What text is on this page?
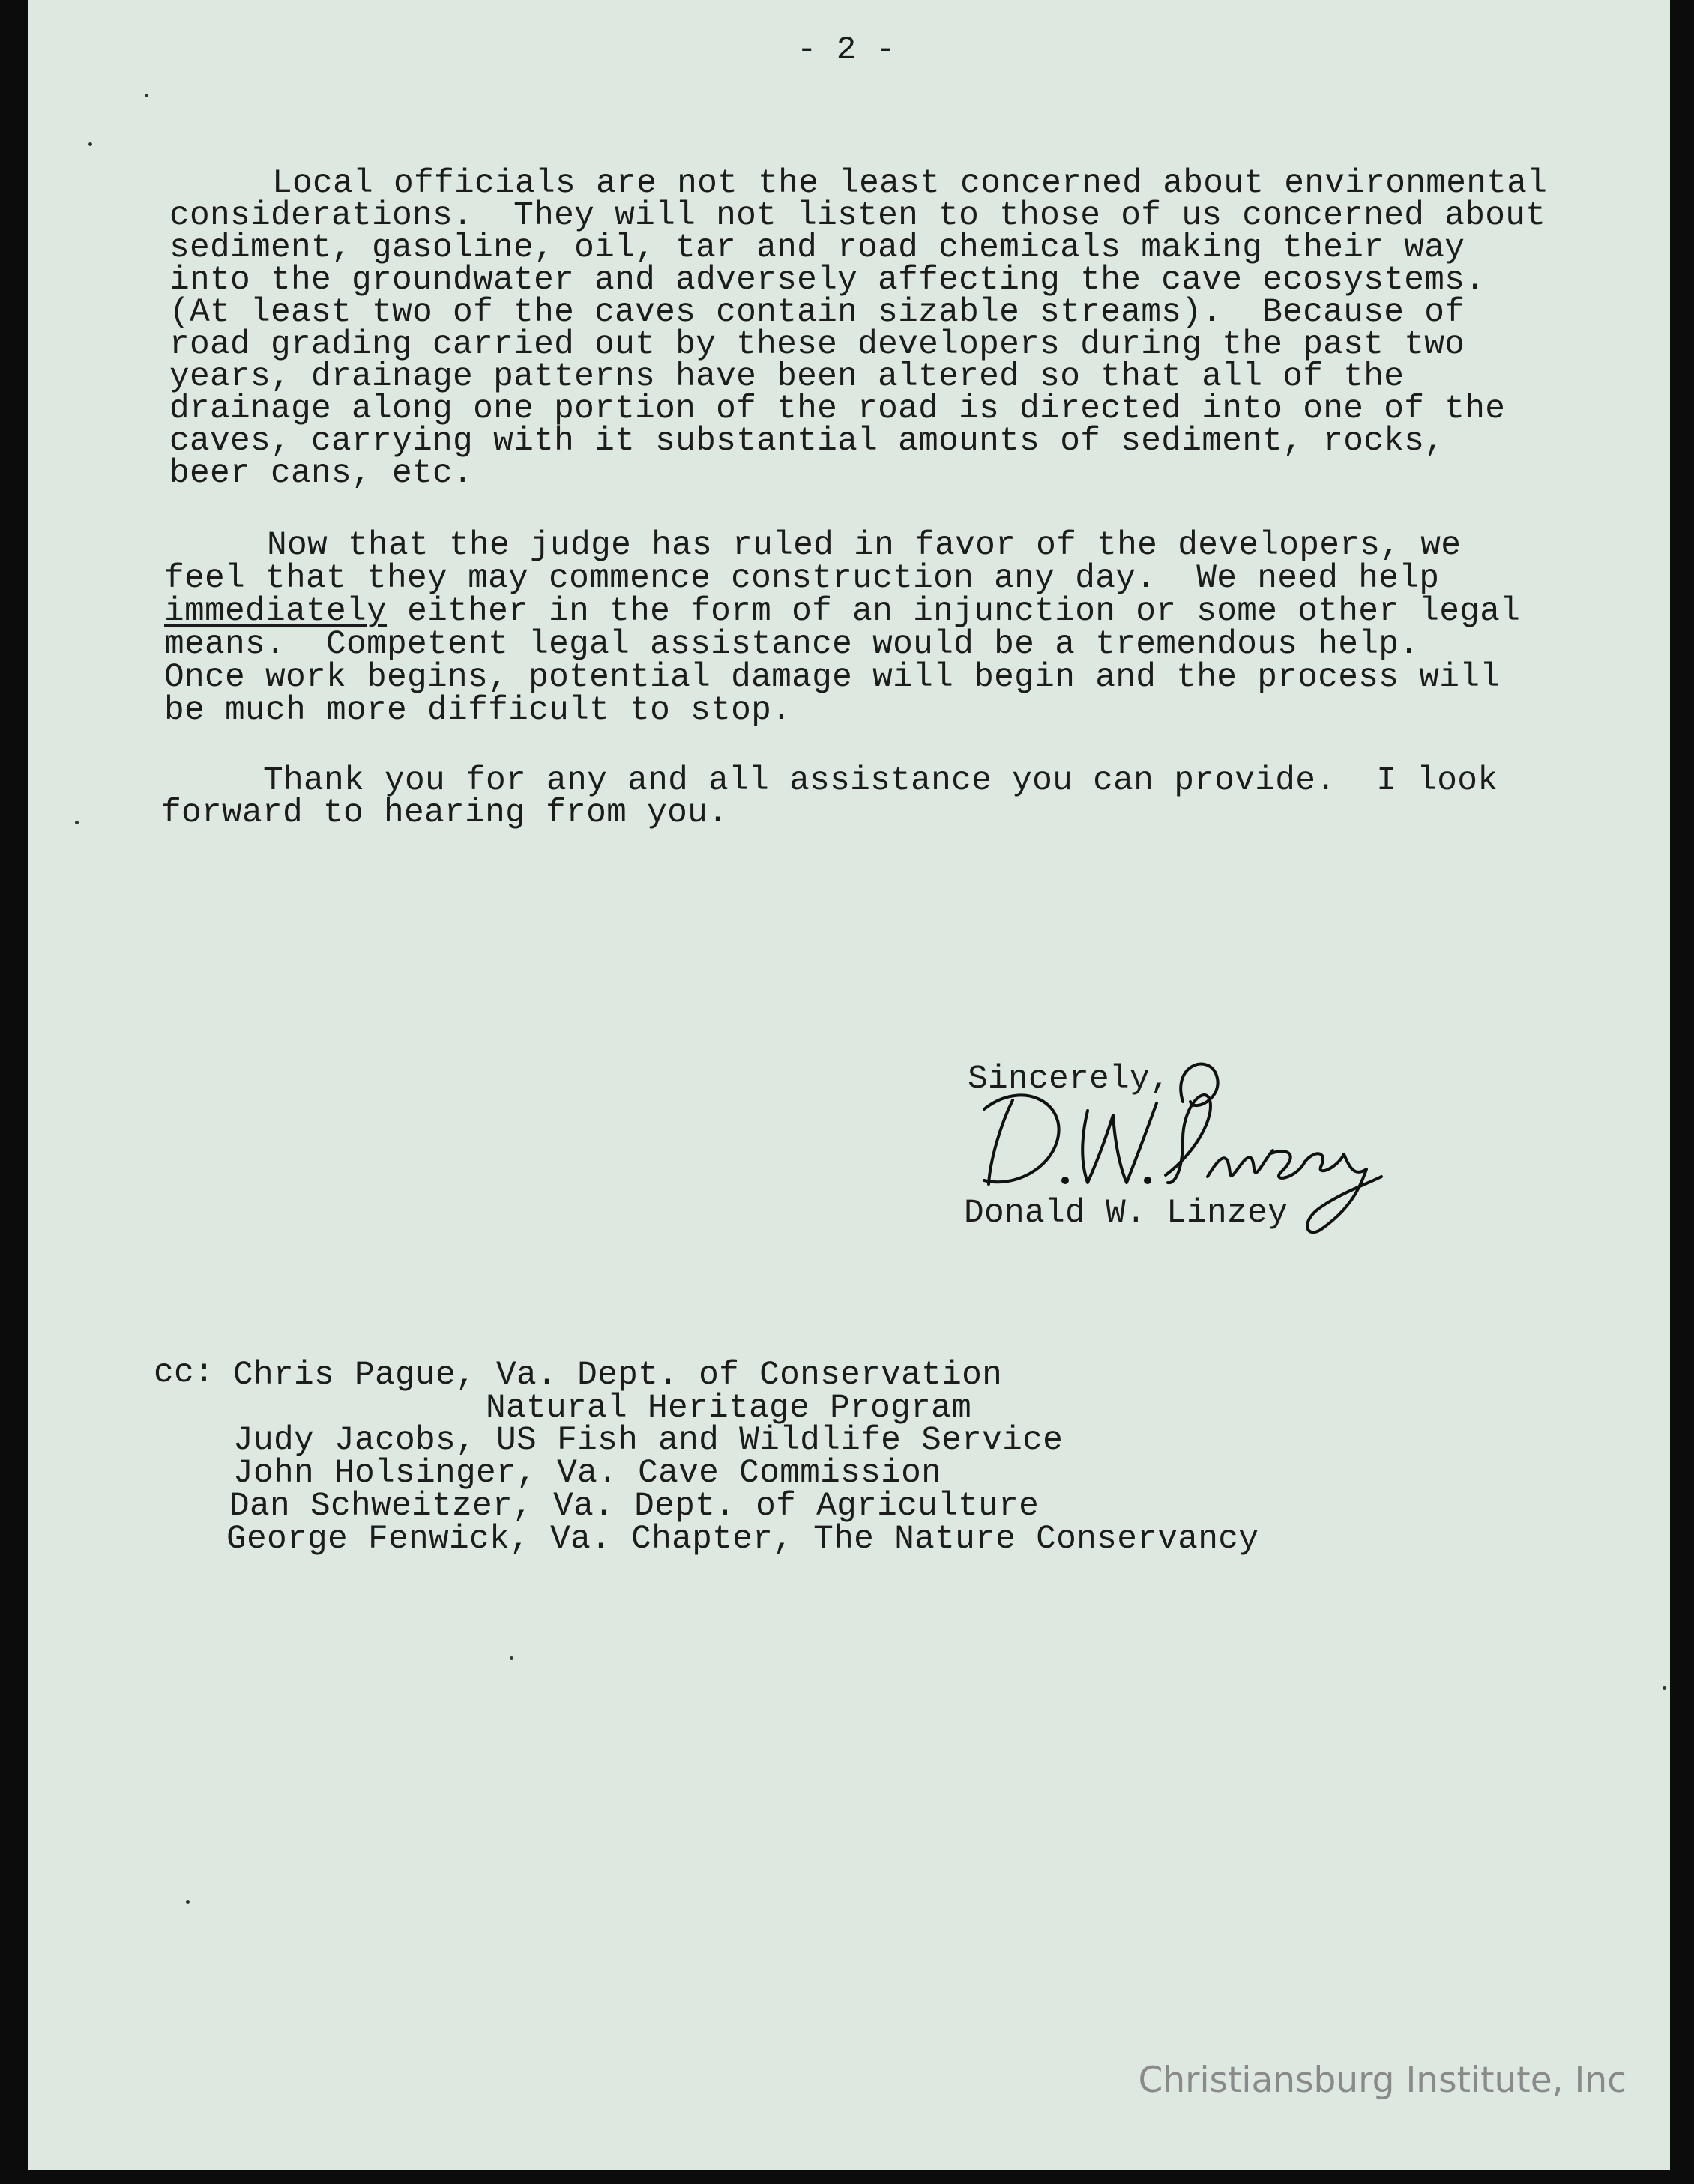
- 2 -
Local officials are not the least concerned about environmental
considerations.  They will not listen to those of us concerned about
sediment, gasoline, oil, tar and road chemicals making their way
into the groundwater and adversely affecting the cave ecosystems.
(At least two of the caves contain sizable streams).  Because of
road grading carried out by these developers during the past two
years, drainage patterns have been altered so that all of the
drainage along one portion of the road is directed into one of the
caves, carrying with it substantial amounts of sediment, rocks,
beer cans, etc.
Now that the judge has ruled in favor of the developers, we
feel that they may commence construction any day.  We need help
immediately either in the form of an injunction or some other legal
means.  Competent legal assistance would be a tremendous help.
Once work begins, potential damage will begin and the process will
be much more difficult to stop.
Thank you for any and all assistance you can provide.  I look
forward to hearing from you.
Sincerely,
Donald W. Linzey
cc: Chris Pague, Va. Dept. of Conservation
Natural Heritage Program
Judy Jacobs, US Fish and Wildlife Service
John Holsinger, Va. Cave Commission
Dan Schweitzer, Va. Dept. of Agriculture
George Fenwick, Va. Chapter, The Nature Conservancy
Christiansburg Institute, Inc
